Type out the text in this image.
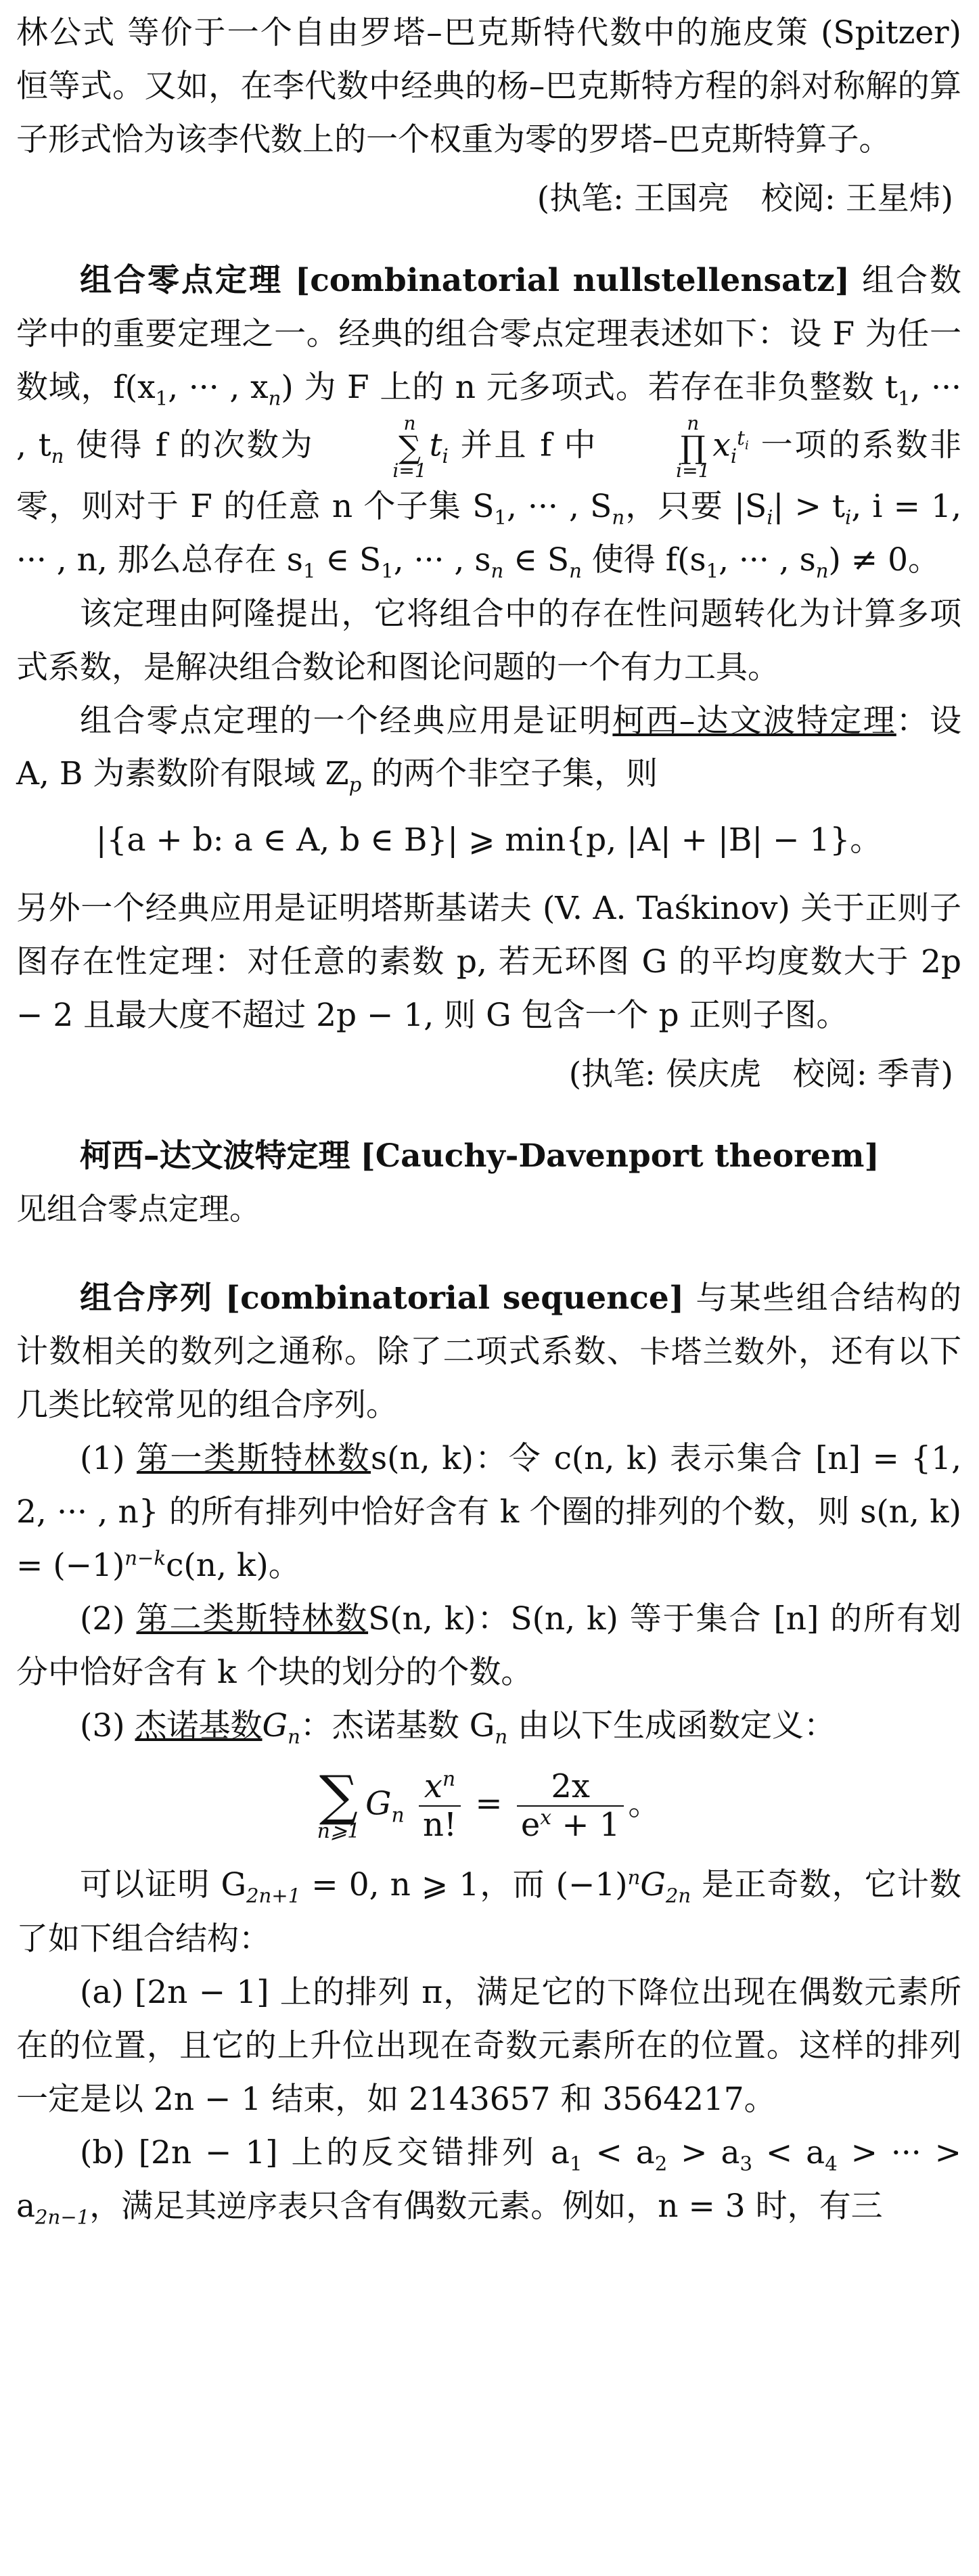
林公式 等价于一个自由罗塔–巴克斯特代数中的施皮策 (Spitzer) 恒等式。又如，在李代数中经典的杨–巴克斯特方程的斜对称解的算子形式恰为该李代数上的一个权重为零的罗塔–巴克斯特算子。

(执笔: 王国亮　校阅: 王星炜)

组合零点定理 [combinatorial nullstellensatz] 组合数学中的重要定理之一。经典的组合零点定理表述如下：设 F 为任一数域，$f(x_1$, ··· , $x_n$) 为 F 上的 n 元多项式。若存在非负整数 $t_1$, ··· , $t_n$ 使得 f 的次数为
n
∑
i=1
$t_i$ 并且 f 中
n
∏
i=1
$x_i^{t_i}$ 一项的系数非零，则对于 F 的任意 n 个子集 $S_1$, ··· , $S_n$，只要 $|S_i| > t_i$, i = 1, ··· , n, 那么总存在 $s_1$ ∈ $S_1$, ··· , $s_n$ ∈ $S_n$ 使得 $f(s_1$, ··· , $s_n) \ne 0$。

该定理由阿隆提出，它将组合中的存在性问题转化为计算多项式系数，是解决组合数论和图论问题的一个有力工具。

组合零点定理的一个经典应用是证明柯西–达文波特定理：设 A, B 为素数阶有限域 ℤ$_p$ 的两个非空子集，则

|{a + b: a ∈ A, b ∈ B}| ⩾ min{p, |A| + |B| − 1}。

另外一个经典应用是证明塔斯基诺夫 (V. A. Taśkinov) 关于正则子图存在性定理：对任意的素数 p, 若无环图 G 的平均度数大于 2p − 2 且最大度不超过 2p − 1, 则 G 包含一个 p 正则子图。

(执笔: 侯庆虎　校阅: 季青)

柯西–达文波特定理 [Cauchy-Davenport theorem]

见组合零点定理。

组合序列 [combinatorial sequence] 与某些组合结构的计数相关的数列之通称。除了二项式系数、卡塔兰数外，还有以下几类比较常见的组合序列。

(1) 第一类斯特林数s(n, k)：令 c(n, k) 表示集合 [n] = {1, 2, ··· , n} 的所有排列中恰好含有 k 个圈的排列的个数，则 s(n, $k) = (-1)^{n-k}c(n$, k)。

(2) 第二类斯特林数S(n, k)：S(n, k) 等于集合 [n] 的所有划分中恰好含有 k 个块的划分的个数。

(3) 杰诺基数$G_n$：杰诺基数 $G_n$ 由以下生成函数定义：

∑
n⩾1
$G_n \frac{x^n}{n!} = \frac{2x}{e^x + 1}$ 。

可以证明 $G_{2n+1} = 0$, n ⩾ 1，而 $(-1)^nG_{2n}$ 是正奇数，它计数了如下组合结构：

(a) [2n − 1] 上的排列 π，满足它的下降位出现在偶数元素所在的位置，且它的上升位出现在奇数元素所在的位置。这样的排列一定是以 2n − 1 结束，如 2143657 和 3564217。

(b) [2n − 1] 上的反交错排列 $a_1 < a_2 > a_3 < a_4$ > ··· > $a_{2n-1}$，满足其逆序表只含有偶数元素。例如，n = 3 时，有三
